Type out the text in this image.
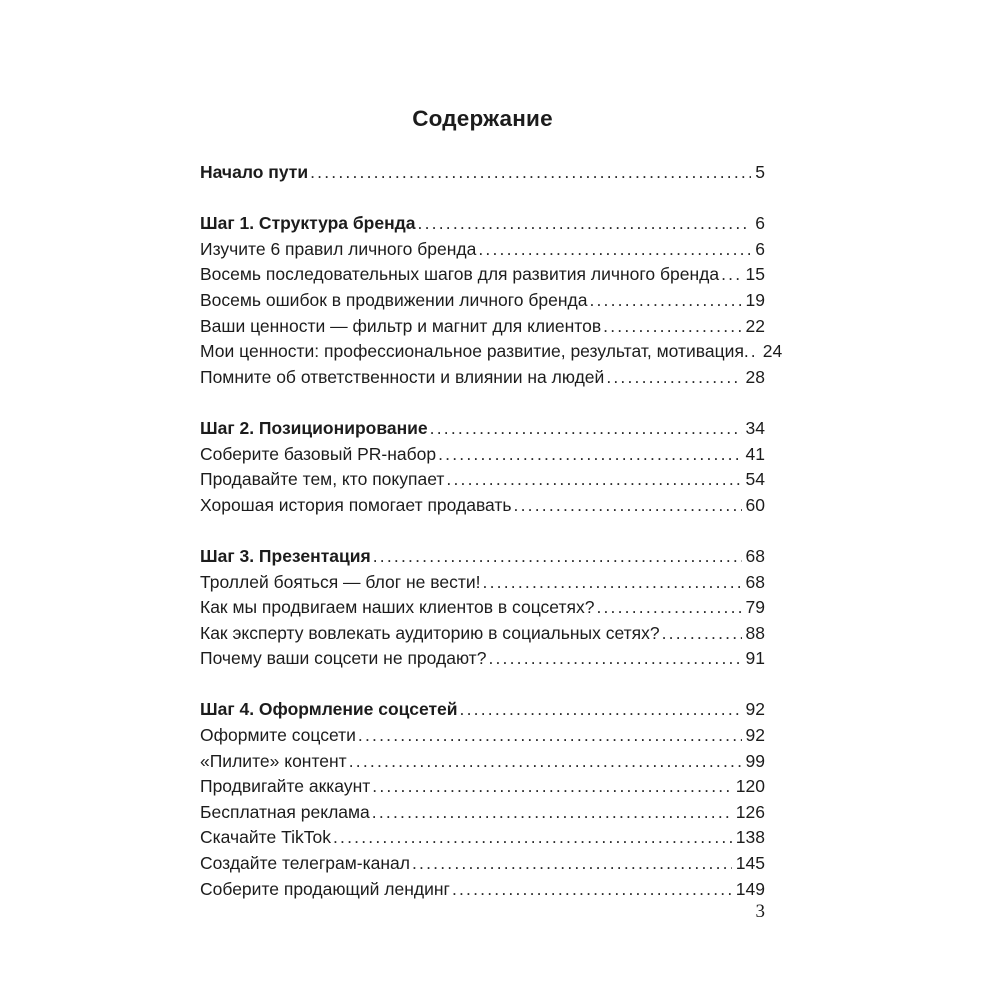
Содержание
Начало пути .....	5
Шаг 1. Структура бренда .....	6
Изучите 6 правил личного бренда .....	6
Восемь последовательных шагов для развития личного бренда ..... 15
Восемь ошибок в продвижении личного бренда .....	19
Ваши ценности — фильтр и магнит для клиентов .....	22
Мои ценности: профессиональное развитие, результат, мотивация. ..... 24
Помните об ответственности и влиянии на людей .....	28
Шаг 2. Позиционирование .....	34
Соберите базовый PR-набор .....	41
Продавайте тем, кто покупает .....	54
Хорошая история помогает продавать .....	60
Шаг 3. Презентация .....	68
Троллей бояться — блог не вести! .....	68
Как мы продвигаем наших клиентов в соцсетях? .....	79
Как эксперту вовлекать аудиторию в социальных сетях? .....	88
Почему ваши соцсети не продают? .....	91
Шаг 4. Оформление соцсетей .....	92
Оформите соцсети .....	92
«Пилите» контент .....	99
Продвигайте аккаунт .....	120
Бесплатная реклама .....	126
Скачайте TikTok .....	138
Создайте телеграм-канал .....	145
Соберите продающий лендинг .....	149
3
